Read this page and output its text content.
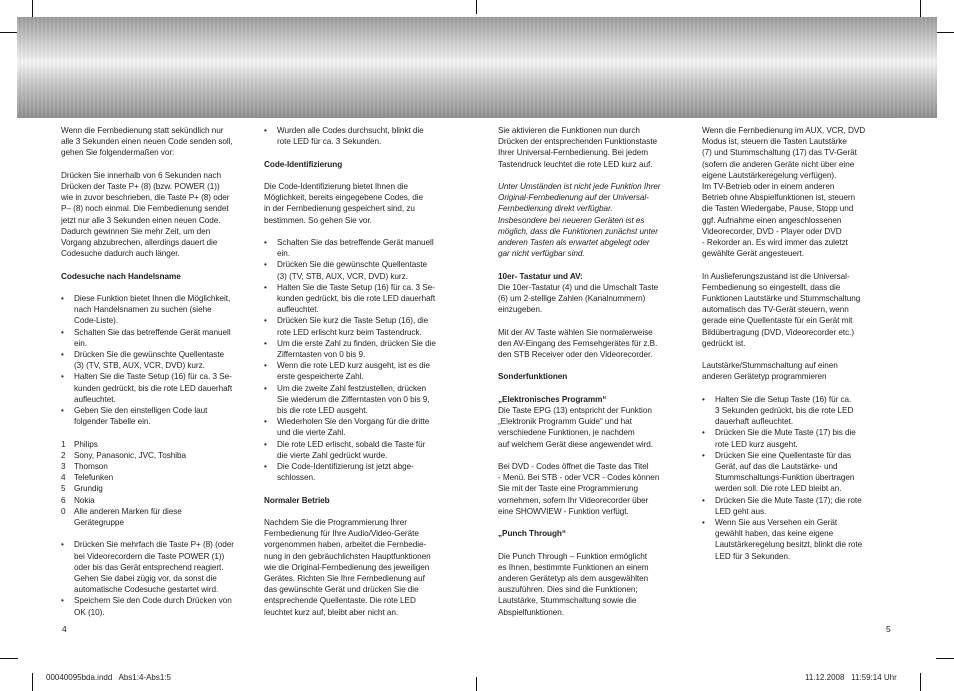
Wenn die Fernbedienung statt sekündlich nur
alle 3 Sekunden einen neuen Code senden soll,
gehen Sie folgendermaßen vor:

Drücken Sie innerhalb von 6 Sekunden nach
Drücken der Taste P+ (8) (bzw. POWER (1))
wie in zuvor beschrieben, die Taste P+ (8) oder
P– (8) noch einmal. Die Fernbedienung sendet
jetzt nur alle 3 Sekunden einen neuen Code.
Dadurch gewinnen Sie mehr Zeit, um den
Vorgang abzubrechen, allerdings dauert die
Codesuche dadurch auch länger.

Codesuche nach Handelsname

•	Diese Funktion bietet Ihnen die Möglichkeit,
nach Handelsnamen zu suchen (siehe
Code-Liste).
•	Schalten Sie das betreffende Gerät manuell
ein.
•	Drücken Sie die gewünschte Quellentaste
(3) (TV, STB, AUX, VCR, DVD) kurz.
•	Halten Sie die Taste Setup (16) für ca. 3 Se-
kunden gedrückt, bis die rote LED dauerhaft
aufleuchtet.
•	Geben Sie den einstelligen Code laut
folgender Tabelle ein.
1	Philips
2	Sony, Panasonic, JVC, Toshiba
3	Thomson
4	Telefunken
5	Grundig
6	Nokia
0	Alle anderen Marken für diese
Gerätegruppe
•	Drücken Sie mehrfach die Taste P+ (8) (oder
bei Videorecordern die Taste POWER (1))
oder bis das Gerät entsprechend reagiert.
Gehen Sie dabei zügig vor, da sonst die
automatische Codesuche gestartet wird.
•	Speichern Sie den Code durch Drücken von
OK (10).
•	Wurden alle Codes durchsucht, blinkt die
rote LED für ca. 3 Sekunden.

Code-Identifizierung

Die Code-Identifizierung bietet Ihnen die
Möglichkeit, bereits eingegebene Codes, die
in der Fernbedienung gespeichert sind, zu
bestimmen. So gehen Sie vor.

•	Schalten Sie das betreffende Gerät manuell
ein.
•	Drücken Sie die gewünschte Quellentaste
(3) (TV, STB, AUX, VCR, DVD) kurz.
•	Halten Sie die Taste Setup (16) für ca. 3 Se-
kunden gedrückt, bis die rote LED dauerhaft
aufleuchtet.
•	Drücken Sie kurz die Taste Setup (16), die
rote LED erlischt kurz beim Tastendruck.
•	Um die erste Zahl zu finden, drücken Sie die
Zifferntasten von 0 bis 9.
•	Wenn die rote LED kurz ausgeht, ist es die
erste gespeicherte Zahl.
•	Um die zweite Zahl festzustellen, drücken
Sie wiederum die Zifferntasten von 0 bis 9,
bis die rote LED ausgeht.
•	Wiederholen Sie den Vorgang für die dritte
und die vierte Zahl.
•	Die rote LED erlischt, sobald die Taste für
die vierte Zahl gedrückt wurde.
•	Die Code-Identifizierung ist jetzt abge-
schlossen.

Normaler Betrieb

Nachdem Sie die Programmierung Ihrer
Fernbedienung für Ihre Audio/Video-Geräte
vorgenommen haben, arbeitet die Fernbedie-
nung in den gebräuchlichsten Hauptfunktionen
wie die Original-Fernbedienung des jeweiligen
Gerätes. Richten Sie Ihre Fernbedienung auf
das gewünschte Gerät und drücken Sie die
entsprechende Quellentaste. Die rote LED
leuchtet kurz auf, bleibt aber nicht an.

Sie aktivieren die Funktionen nun durch
Drücken der entsprechenden Funktionstaste
Ihrer Universal-Fernbedienung. Bei jedem
Tastendruck leuchtet die rote LED kurz auf.

Unter Umständen ist nicht jede Funktion Ihrer
Original-Fernbedienung auf der Universal-
Fernbedienung direkt verfügbar.
Insbesondere bei neueren Geräten ist es
möglich, dass die Funktionen zunächst unter
anderen Tasten als erwartet abgelegt oder
gar nicht verfügbar sind.

10er- Tastatur und AV:

Die 10er-Tastatur (4) und die Umschalt Taste
(6) um 2-stellige Zahlen (Kanalnummern)
einzugeben.

Mit der AV Taste wählen Sie normalerweise
den AV-Eingang des Fernsehgerätes für z.B.
den STB Receiver oder den Videorecorder.

Sonderfunktionen

„Elektronisches Programm“

Die Taste EPG (13) entspricht der Funktion
„Elektronik Programm Guide“ und hat
verschiedene Funktionen, je nachdem
auf welchem Gerät diese angewendet wird.

Bei DVD - Codes öffnet die Taste das Titel
- Menü. Bei STB - oder VCR - Codes können
Sie mit der Taste eine Programmierung
vornehmen, sofern Ihr Videorecorder über
eine SHOWVIEW - Funktion verfügt.

„Punch Through“

Die Punch Through – Funktion ermöglicht
es Ihnen, bestimmte Funktionen an einem
anderen Gerätetyp als dem ausgewählten
auszuführen. Dies sind die Funktionen;
Lautstärke, Stummschaltung sowie die
Abspielfunktionen.

Wenn die Fernbedienung im AUX, VCR, DVD
Modus ist, steuern die Tasten Lautstärke
(7) und Stummschaltung (17) das TV-Gerät
(sofern die anderen Geräte nicht über eine
eigene Lautstärkeregelung verfügen).
Im TV-Betrieb oder in einem anderen
Betrieb ohne Abspielfunktionen ist, steuern
die Tasten Wiedergabe, Pause, Stopp und
ggf. Aufnahme einen angeschlossenen
Videorecorder, DVD - Player oder DVD
- Rekorder an. Es wird immer das zuletzt
gewählte Gerät angesteuert.

In Auslieferungszustand ist die Universal-
Fernbedienung so eingestellt, dass die
Funktionen Lautstärke und Stummschaltung
automatisch das TV-Gerät steuern, wenn
gerade eine Quellentaste für ein Gerät mit
Bildübertragung (DVD, Videorecorder etc.)
gedrückt ist.

Lautstärke/Stummschaltung auf einen
anderen Gerätetyp programmieren

•	Halten Sie die Setup Taste (16) für ca.
3 Sekunden gedrückt, bis die rote LED
dauerhaft aufleuchtet.
•	Drücken Sie die Mute Taste (17) bis die
rote LED kurz ausgeht.
•	Drücken Sie eine Quellentaste für das
Gerät, auf das die Lautstärke- und
Stummschaltungs-Funktion übertragen
werden soll. Die rote LED bleibt an.
•	Drücken Sie die Mute Taste (17); die rote
LED geht aus.
•	Wenn Sie aus Versehen ein Gerät
gewählt haben, das keine eigene
Lautstärkeregelung besitzt, blinkt die rote
LED für 3 Sekunden.
4	5
00040095bda.indd   Abs1:4-Abs1:5	11.12.2008   11:59:14 Uhr
